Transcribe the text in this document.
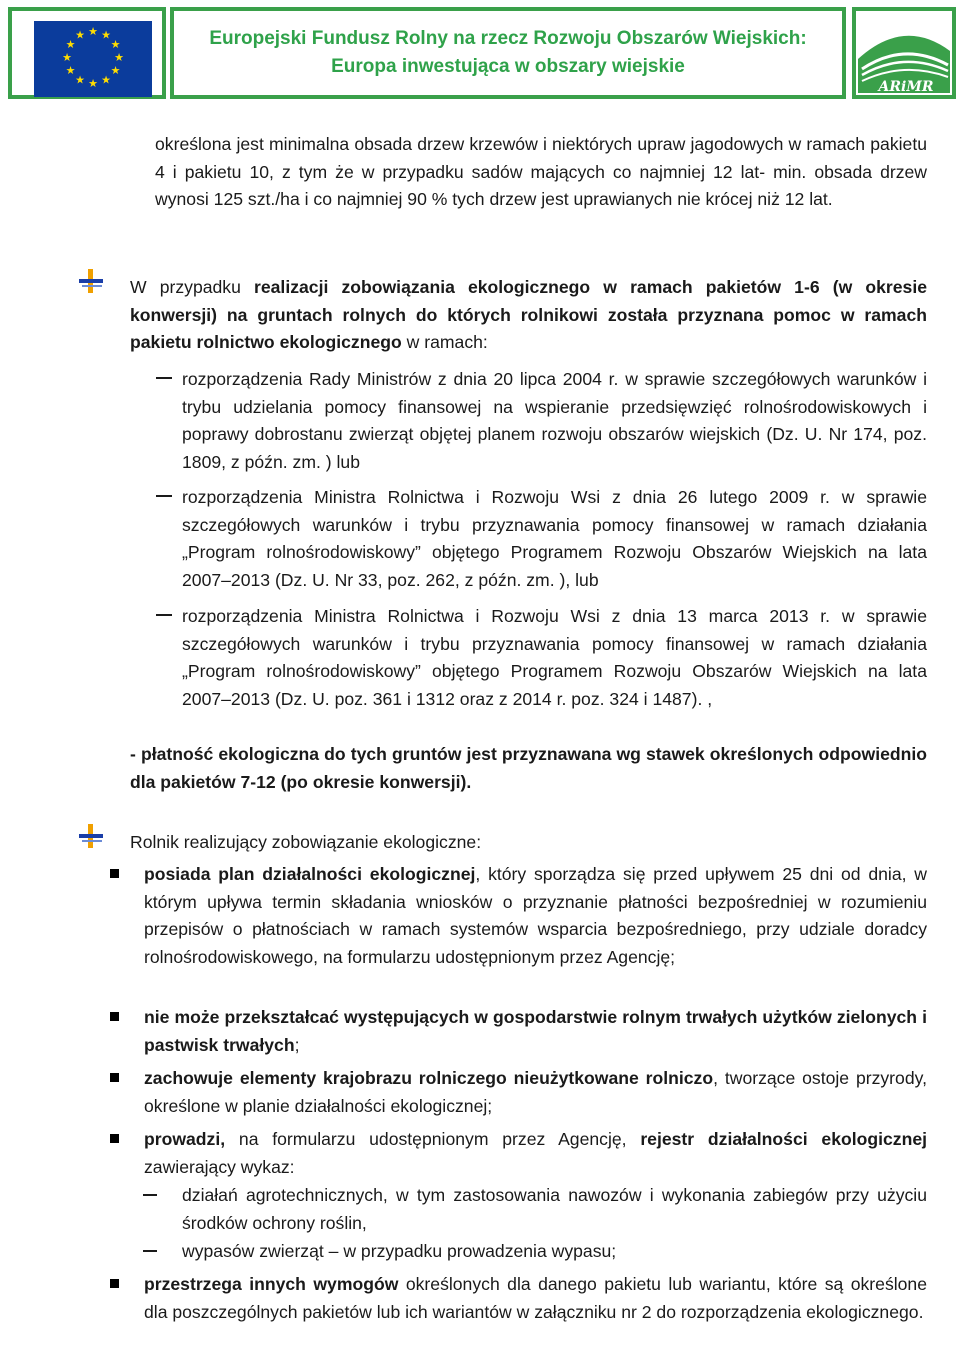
★ ★
★
★
★
★
★
★
★
★
★
★	Europejski Fundusz Rolny na rzecz Rozwoju Obszarów Wiejskich:
Europa inwestująca w obszary wiejskie
ARiMR
określona jest minimalna obsada drzew krzewów i niektórych upraw jagodowych w ramach pakietu 4 i pakietu 10, z tym że w przypadku sadów mających co najmniej 12 lat- min. obsada drzew wynosi 125 szt./ha i co najmniej 90 % tych drzew jest uprawianych nie krócej niż 12 lat.
W przypadku realizacji zobowiązania ekologicznego w ramach pakietów 1-6 (w okresie konwersji) na gruntach rolnych do których rolnikowi została przyznana pomoc w ramach pakietu rolnictwo ekologicznego w ramach:
rozporządzenia Rady Ministrów z dnia 20 lipca 2004 r. w sprawie szczegółowych warunków i trybu udzielania pomocy finansowej na wspieranie przedsięwzięć rolnośrodowiskowych i poprawy dobrostanu zwierząt objętej planem rozwoju obszarów wiejskich (Dz. U. Nr 174, poz. 1809, z późn. zm. ) lub
rozporządzenia Ministra Rolnictwa i Rozwoju Wsi z dnia 26 lutego 2009 r. w sprawie szczegółowych warunków i trybu przyznawania pomocy finansowej w ramach działania „Program rolnośrodowiskowy” objętego Programem Rozwoju Obszarów Wiejskich na lata 2007–2013 (Dz. U. Nr 33, poz. 262, z późn. zm. ), lub
rozporządzenia Ministra Rolnictwa i Rozwoju Wsi z dnia 13 marca 2013 r. w sprawie szczegółowych warunków i trybu przyznawania pomocy finansowej w ramach działania „Program rolnośrodowiskowy” objętego Programem Rozwoju Obszarów Wiejskich na lata 2007–2013 (Dz. U. poz. 361 i 1312 oraz z 2014 r. poz. 324 i 1487). ,
- płatność ekologiczna do tych gruntów jest przyznawana wg stawek określonych odpowiednio dla pakietów 7-12 (po okresie konwersji).
Rolnik realizujący zobowiązanie ekologiczne:
posiada plan działalności ekologicznej, który sporządza się przed upływem 25 dni od dnia, w którym upływa termin składania wniosków o przyznanie płatności bezpośredniej w rozumieniu przepisów o płatnościach w ramach systemów wsparcia bezpośredniego, przy udziale doradcy rolnośrodowiskowego, na formularzu udostępnionym przez Agencję;
nie może przekształcać występujących w gospodarstwie rolnym trwałych użytków zielonych i pastwisk trwałych;
zachowuje elementy krajobrazu rolniczego nieużytkowane rolniczo, tworzące ostoje przyrody, określone w planie działalności ekologicznej;
prowadzi, na formularzu udostępnionym przez Agencję, rejestr działalności ekologicznej zawierający wykaz:
działań agrotechnicznych, w tym zastosowania nawozów i wykonania zabiegów przy użyciu środków ochrony roślin,
wypasów zwierząt – w przypadku prowadzenia wypasu;
przestrzega innych wymogów określonych dla danego pakietu lub wariantu, które są określone dla poszczególnych pakietów lub ich wariantów w załączniku nr 2 do rozporządzenia ekologicznego.
